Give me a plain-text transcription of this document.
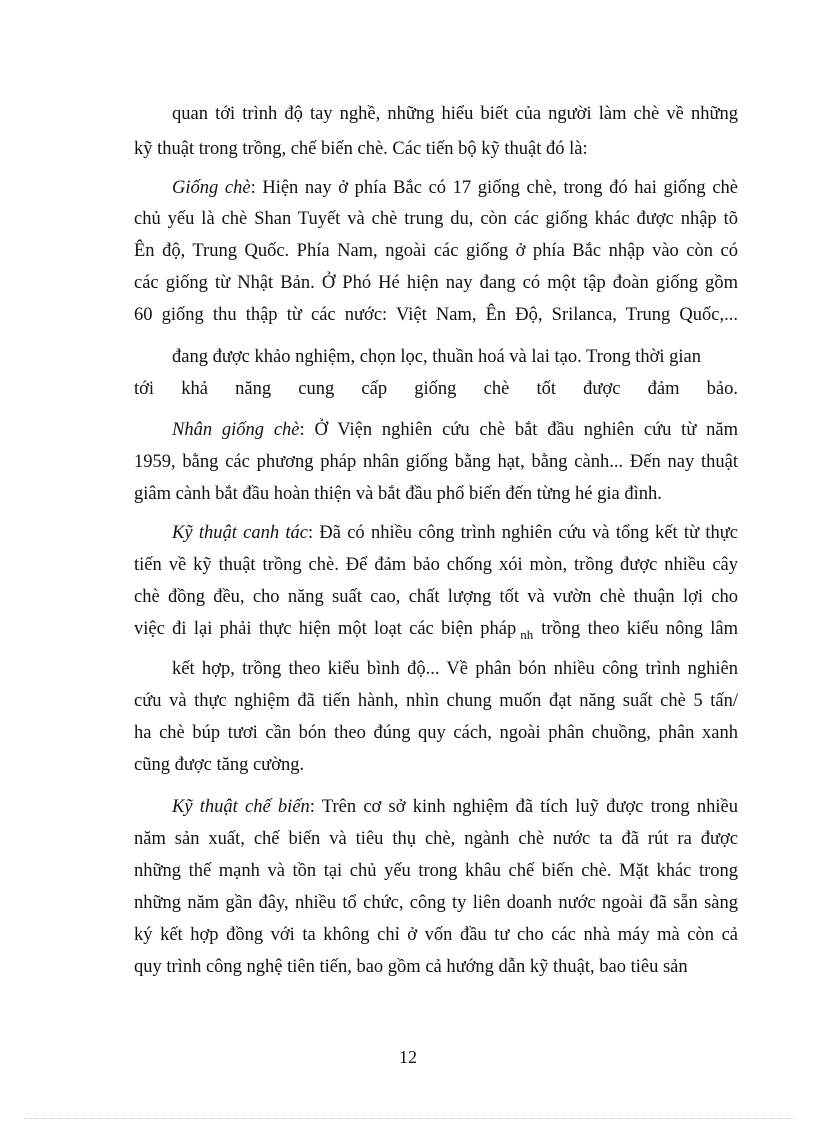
quan tới trình độ tay nghề, những hiểu biết của người làm chè về những
kỹ thuật trong trồng, chế biến chè. Các tiến bộ kỹ thuật đó là:
Giống chè: Hiện nay ở phía Bắc có 17 giống chè, trong đó hai giống chè
chủ yếu là chè Shan Tuyết và chè trung du, còn các giống khác được nhập tõ
Ên độ, Trung Quốc. Phía Nam, ngoài các giống ở phía Bắc nhập vào còn có
các giống từ Nhật Bản. Ở Phó Hé hiện nay đang có một tập đoàn giống gồm
60 giống thu thập từ các nước: Việt Nam, Ên Độ, Srilanca, Trung Quốc,...
đang được khảo nghiệm, chọn lọc, thuần hoá và lai tạo. Trong thời gian
tới khả năng cung cấp giống chè tốt được đảm bảo.
Nhân giống chè: Ở Viện nghiên cứu chè bắt đầu nghiên cứu từ năm
1959, bằng các phương pháp nhân giống bằng hạt, bằng cành... Đến nay thuật
giâm cành bắt đầu hoàn thiện và bắt đầu phổ biến đến từng hé gia đình.
Kỹ thuật canh tác: Đã có nhiều công trình nghiên cứu và tổng kết từ thực
tiến về kỹ thuật trồng chè. Để đảm bảo chống xói mòn, trồng được nhiều cây
chè đồng đều, cho năng suất cao, chất lượng tốt và vườn chè thuận lợi cho
việc đi lại phải thực hiện một loạt các biện pháp $_{nh}$ trồng theo kiểu nông lâm
kết hợp, trồng theo kiểu bình độ... Về phân bón nhiều công trình nghiên
cứu và thực nghiệm đã tiến hành, nhìn chung muốn đạt năng suất chè 5 tấn/
ha chè búp tươi cần bón theo đúng quy cách, ngoài phân chuồng, phân xanh
cũng được tăng cường.
Kỹ thuật chế biến: Trên cơ sở kinh nghiệm đã tích luỹ được trong nhiều
năm sản xuất, chế biến và tiêu thụ chè, ngành chè nước ta đã rút ra được
những thế mạnh và tồn tại chủ yếu trong khâu chế biến chè. Mặt khác trong
những năm gần đây, nhiều tổ chức, công ty liên doanh nước ngoài đã sẵn sàng
ký kết hợp đồng với ta không chỉ ở vốn đầu tư cho các nhà máy mà còn cả
quy trình công nghệ tiên tiến, bao gồm cả hướng dẫn kỹ thuật, bao tiêu sản
12
